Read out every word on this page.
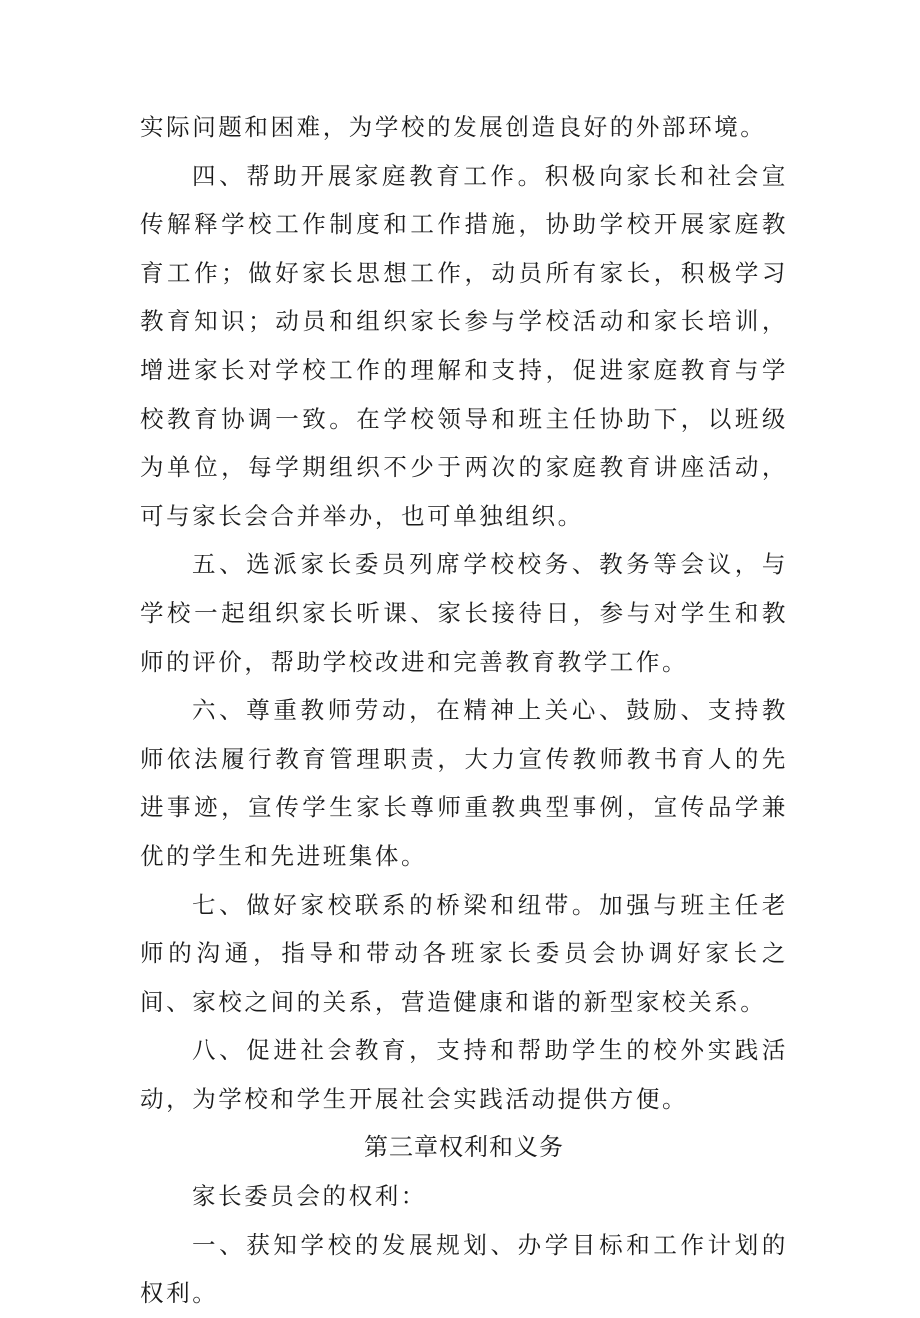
实际问题和困难，为学校的发展创造良好的外部环境。

四、帮助开展家庭教育工作。积极向家长和社会宣传解释学校工作制度和工作措施，协助学校开展家庭教育工作；做好家长思想工作，动员所有家长，积极学习教育知识；动员和组织家长参与学校活动和家长培训，增进家长对学校工作的理解和支持，促进家庭教育与学校教育协调一致。在学校领导和班主任协助下，以班级为单位，每学期组织不少于两次的家庭教育讲座活动，可与家长会合并举办，也可单独组织。

五、选派家长委员列席学校校务、教务等会议，与学校一起组织家长听课、家长接待日，参与对学生和教师的评价，帮助学校改进和完善教育教学工作。

六、尊重教师劳动，在精神上关心、鼓励、支持教师依法履行教育管理职责，大力宣传教师教书育人的先进事迹，宣传学生家长尊师重教典型事例，宣传品学兼优的学生和先进班集体。

七、做好家校联系的桥梁和纽带。加强与班主任老师的沟通，指导和带动各班家长委员会协调好家长之间、家校之间的关系，营造健康和谐的新型家校关系。

八、促进社会教育，支持和帮助学生的校外实践活动，为学校和学生开展社会实践活动提供方便。

第三章权利和义务

家长委员会的权利：

一、获知学校的发展规划、办学目标和工作计划的权利。
